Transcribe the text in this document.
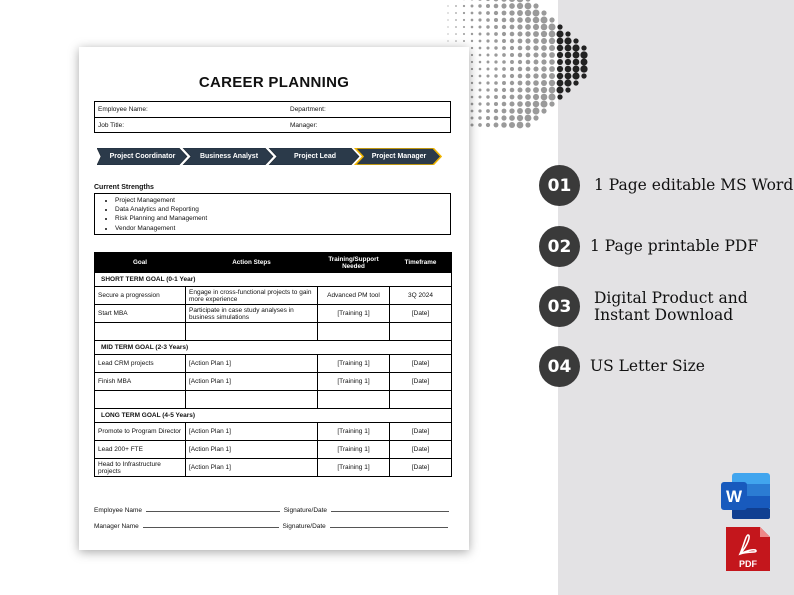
CAREER PLANNING
Employee Name:	Department:
Job Title:	Manager:
Project Coordinator	Business Analyst	Project Lead	Project Manager
Current Strengths
• Project Management
• Data Analytics and Reporting
• Risk Planning and Management
• Vendor Management
Goal	Action Steps	Training/Support Needed	Timeframe
SHORT TERM GOAL (0-1 Year)			
Secure a progression	Engage in cross-functional projects to gain more experience	Advanced PM tool	3Q 2024
Start MBA	Participate in case study analyses in business simulations	[Training 1]	[Date]

MID TERM GOAL (2-3 Years)			
Lead CRM projects	[Action Plan 1]	[Training 1]	[Date]
Finish MBA	[Action Plan 1]	[Training 1]	[Date]

LONG TERM GOAL (4-5 Years)			
Promote to Program Director	[Action Plan 1]	[Training 1]	[Date]
Lead 200+ FTE	[Action Plan 1]	[Training 1]	[Date]
Head to Infrastructure projects	[Action Plan 1]	[Training 1]	[Date]
Employee Name	Signature/Date
Manager Name	Signature/Date
01	1 Page editable MS Word
02	1 Page printable PDF
03	Digital Product and Instant Download
04	US Letter Size
W
PDF
